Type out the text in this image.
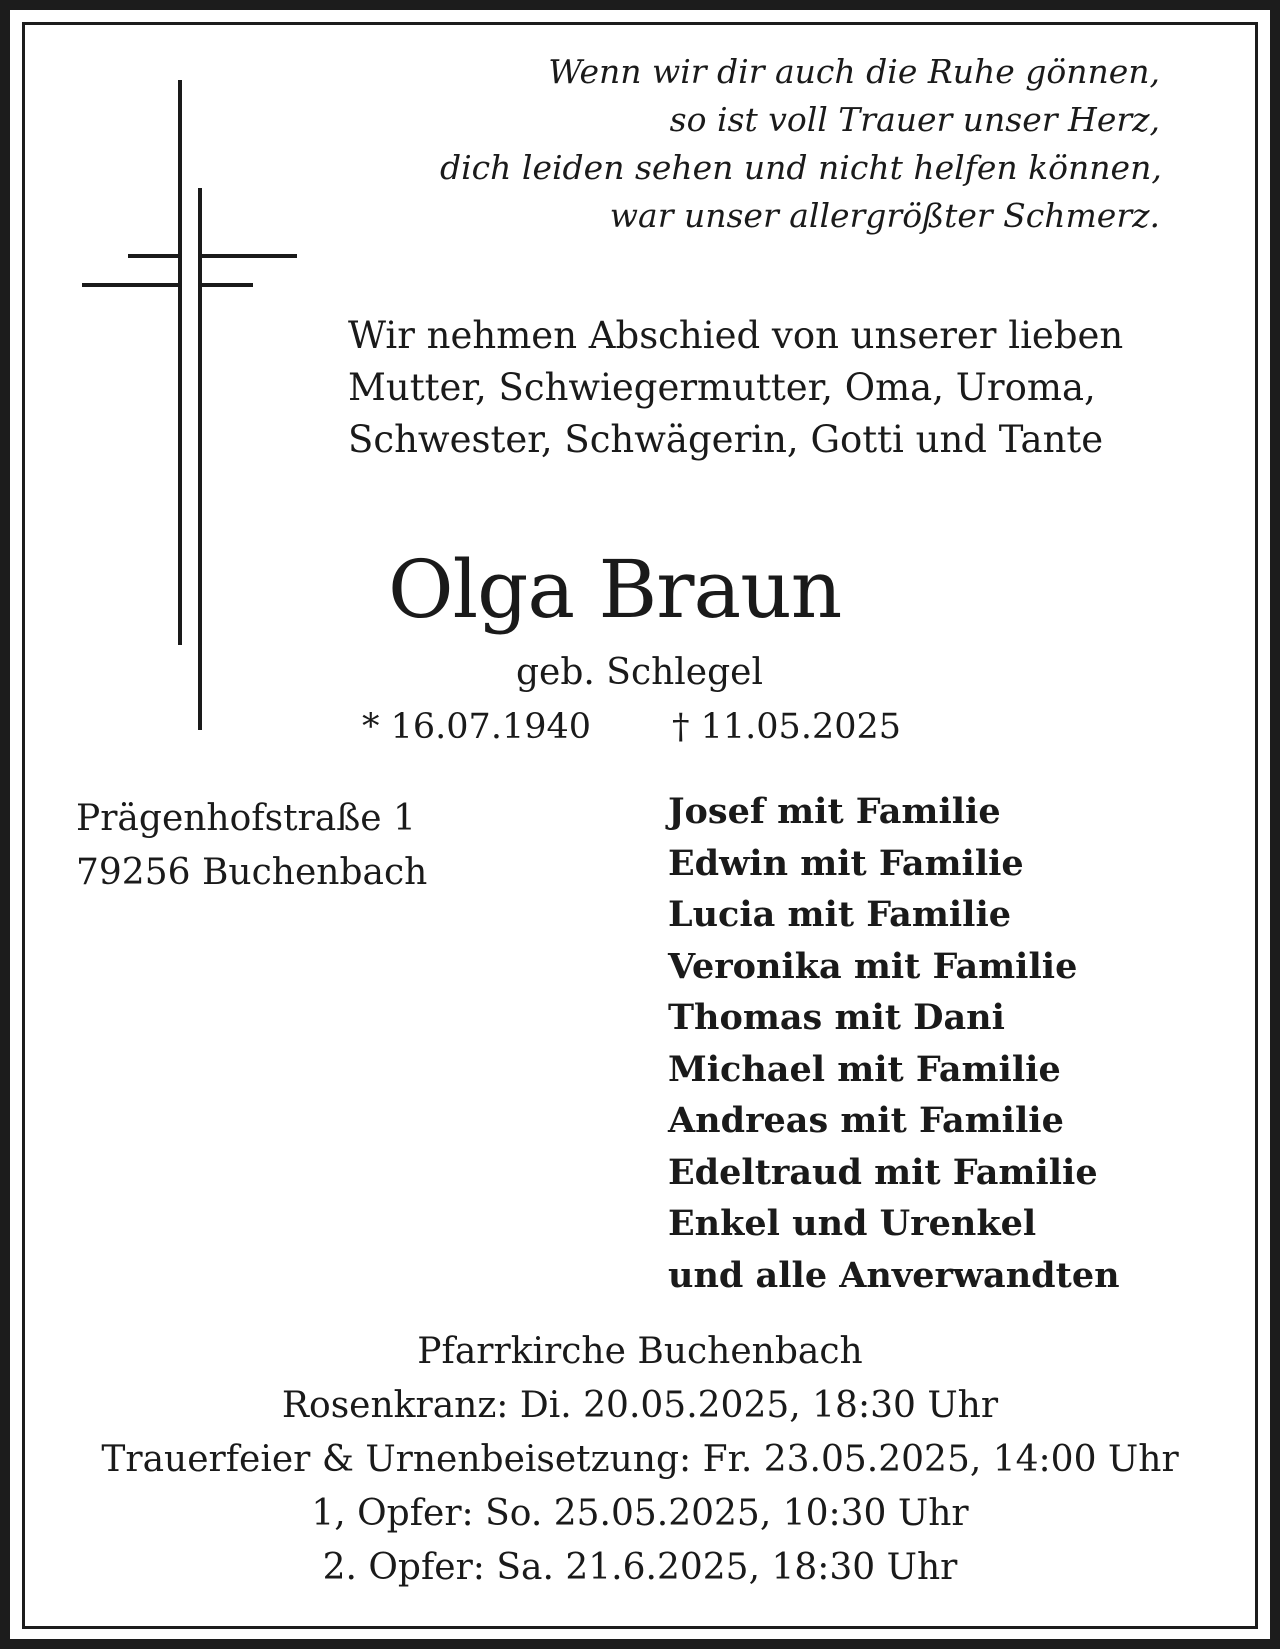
Wenn wir dir auch die Ruhe gönnen,
so ist voll Trauer unser Herz,
dich leiden sehen und nicht helfen können,
war unser allergrößter Schmerz.
Wir nehmen Abschied von unserer lieben
Mutter, Schwiegermutter, Oma, Uroma,
Schwester, Schwägerin, Gotti und Tante
Olga Braun
geb. Schlegel
* 16.07.1940 † 11.05.2025
Prägenhofstraße 1
79256 Buchenbach
Josef mit Familie
Edwin mit Familie
Lucia mit Familie
Veronika mit Familie
Thomas mit Dani
Michael mit Familie
Andreas mit Familie
Edeltraud mit Familie
Enkel und Urenkel
und alle Anverwandten
Pfarrkirche Buchenbach
Rosenkranz: Di. 20.05.2025, 18:30 Uhr
Trauerfeier & Urnenbeisetzung: Fr. 23.05.2025, 14:00 Uhr
1, Opfer: So. 25.05.2025, 10:30 Uhr
2. Opfer: Sa. 21.6.2025, 18:30 Uhr
